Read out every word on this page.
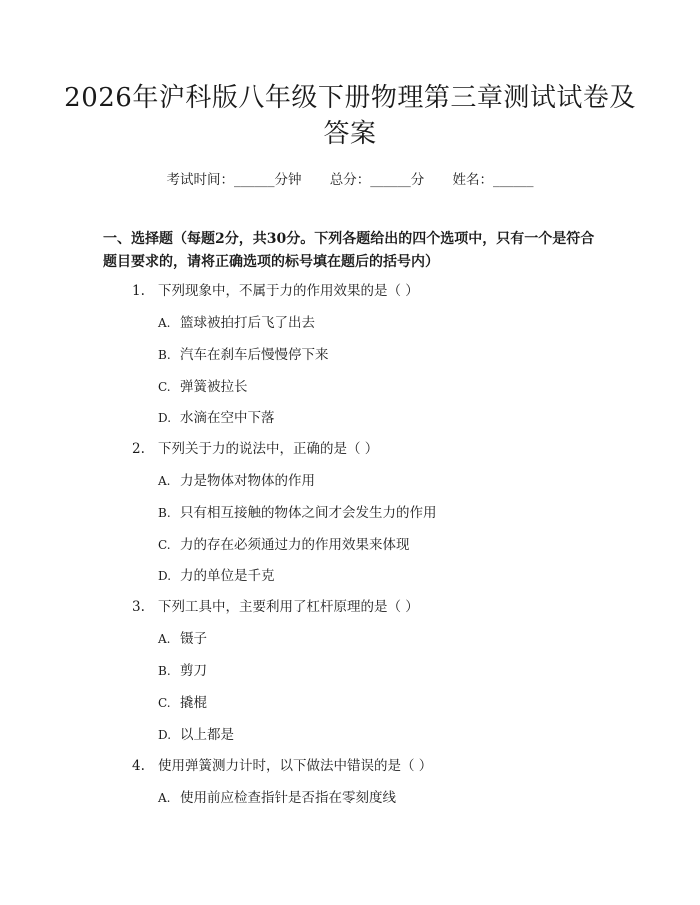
2026年沪科版八年级下册物理第三章测试试卷及答案
考试时间：______分钟 总分：______分 姓名：______
一、选择题（每题2分，共30分。下列各题给出的四个选项中，只有一个是符合题目要求的，请将正确选项的标号填在题后的括号内）
1. 下列现象中，不属于力的作用效果的是（ ）
A. 篮球被拍打后飞了出去
B. 汽车在刹车后慢慢停下来
C. 弹簧被拉长
D. 水滴在空中下落
2. 下列关于力的说法中，正确的是（ ）
A. 力是物体对物体的作用
B. 只有相互接触的物体之间才会发生力的作用
C. 力的存在必须通过力的作用效果来体现
D. 力的单位是千克
3. 下列工具中，主要利用了杠杆原理的是（ ）
A. 镊子
B. 剪刀
C. 撬棍
D. 以上都是
4. 使用弹簧测力计时，以下做法中错误的是（ ）
A. 使用前应检查指针是否指在零刻度线
